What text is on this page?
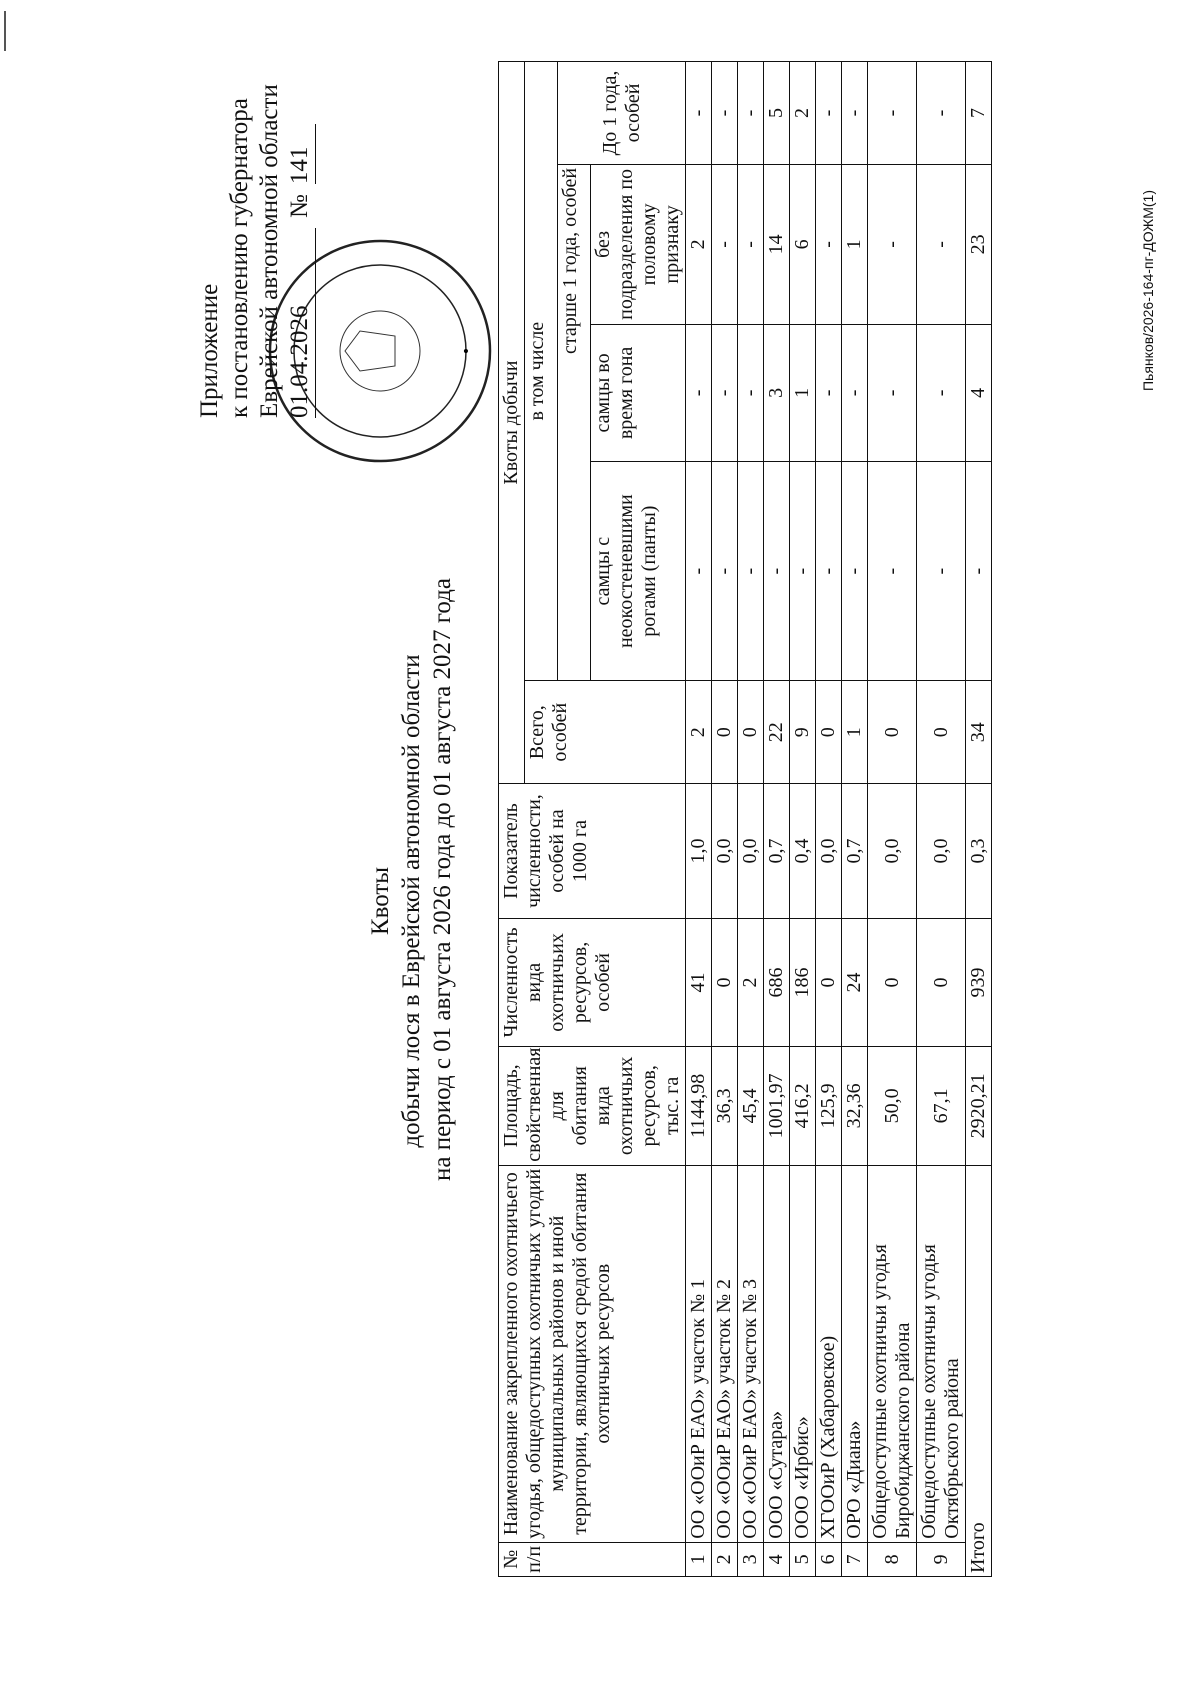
Квоты добычи лося в Еврейской автономной области на период с 01 августа 2026 года до 01 августа 2027 года
•
Приложение к постановлению губернатора Еврейской автономной области 01.04.2026
№
141
№ п/п	Наименование закрепленного охотничьего угодья, общедоступных охотничьих угодий муниципальных районов и иной территории, являющихся средой обитания охотничьих ресурсов	Площадь, свойственная для обитания вида охотничьих ресурсов, тыс. га	Численность вида охотничьих ресурсов, особей	Показатель численности, особей на 1000 га	Квоты добычи				
					Всего, особей	в том числе			
						старше 1 года, особей			До 1 года, особей
						самцы с неокостеневшими рогами (панты)	самцы во время гона	без подразделения по половому признаку	
1	ОО «ООиР ЕАО» участок № 1	1144,98	41	1,0	2	-	-	2	-
2	ОО «ООиР ЕАО» участок № 2	36,3	0	0,0	0	-	-	-	-
3	ОО «ООиР ЕАО» участок № 3	45,4	2	0,0	0	-	-	-	-
4	ООО «Сутара»	1001,97	686	0,7	22	-	3	14	5
5	ООО «Ирбис»	416,2	186	0,4	9	-	1	6	2
6	ХГООиР (Хабаровское)	125,9	0	0,0	0	-	-	-	-
7	ОРО «Диана»	32,36	24	0,7	1	-	-	1	-
8	Общедоступные охотничьи угодья Биробиджанского района	50,0	0	0,0	0	-	-	-	-
9	Общедоступные охотничьи угодья Октябрьского района	67,1	0	0,0	0	-	-	-	-
Итого		2920,21	939	0,3	34	-	4	23	7
Пьянков/2026-164-пг-ДОЖМ(1)
